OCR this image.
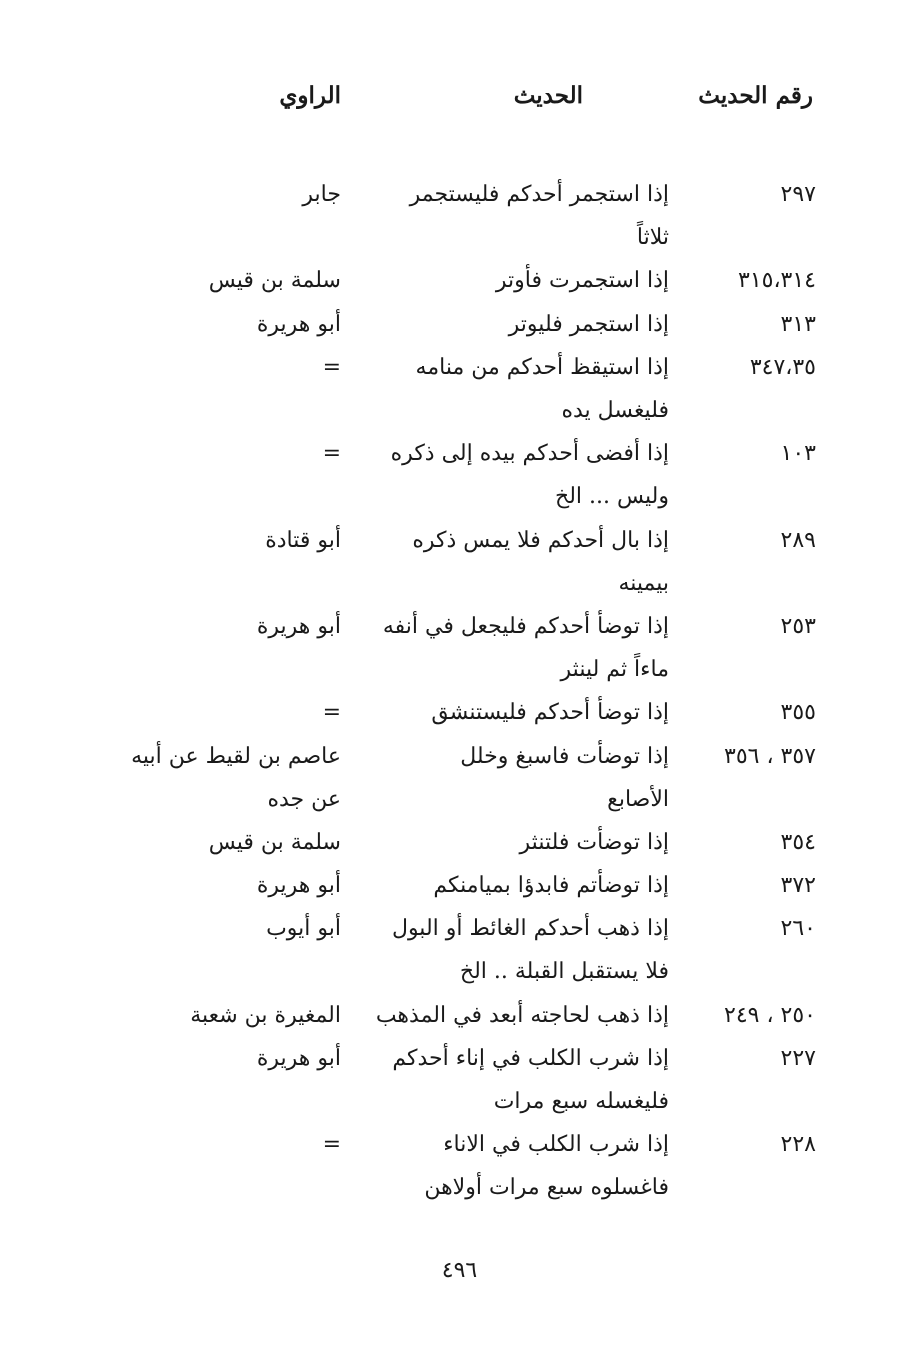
رقم الحديث
الحديث
الراوي
٢٩٧
إذا استجمر أحدكم فليستجمر
ثلاثاً
جابر
٣١٥،٣١٤
إذا استجمرت فأوتر
سلمة بن قيس
٣١٣
إذا استجمر فليوتر
أبو هريرة
٣٤٧،٣٥
إذا استيقظ أحدكم من منامه
فليغسل يده
=
١٠٣
إذا أفضى أحدكم بيده إلى ذكره
وليس ... الخ
=
٢٨٩
إذا بال أحدكم فلا يمس ذكره
بيمينه
أبو قتادة
٢٥٣
إذا توضأ أحدكم فليجعل في أنفه
ماءاً ثم لينثر
أبو هريرة
٣٥٥
إذا توضأ أحدكم فليستنشق
=
٣٥٧ ، ٣٥٦
إذا توضأت فاسبغ وخلل
الأصابع
عاصم بن لقيط عن أبيه
عن جده
٣٥٤
إذا توضأت فلتنثر
سلمة بن قيس
٣٧٢
إذا توضأتم فابدؤا بميامنكم
أبو هريرة
٢٦٠
إذا ذهب أحدكم الغائط أو البول
فلا يستقبل القبلة .. الخ
أبو أيوب
٢٥٠ ، ٢٤٩
إذا ذهب لحاجته أبعد في المذهب
المغيرة بن شعبة
٢٢٧
إذا شرب الكلب في إناء أحدكم
فليغسله سبع مرات
أبو هريرة
٢٢٨
إذا شرب الكلب في الاناء
فاغسلوه سبع مرات أولاهن
=
٤٩٦
